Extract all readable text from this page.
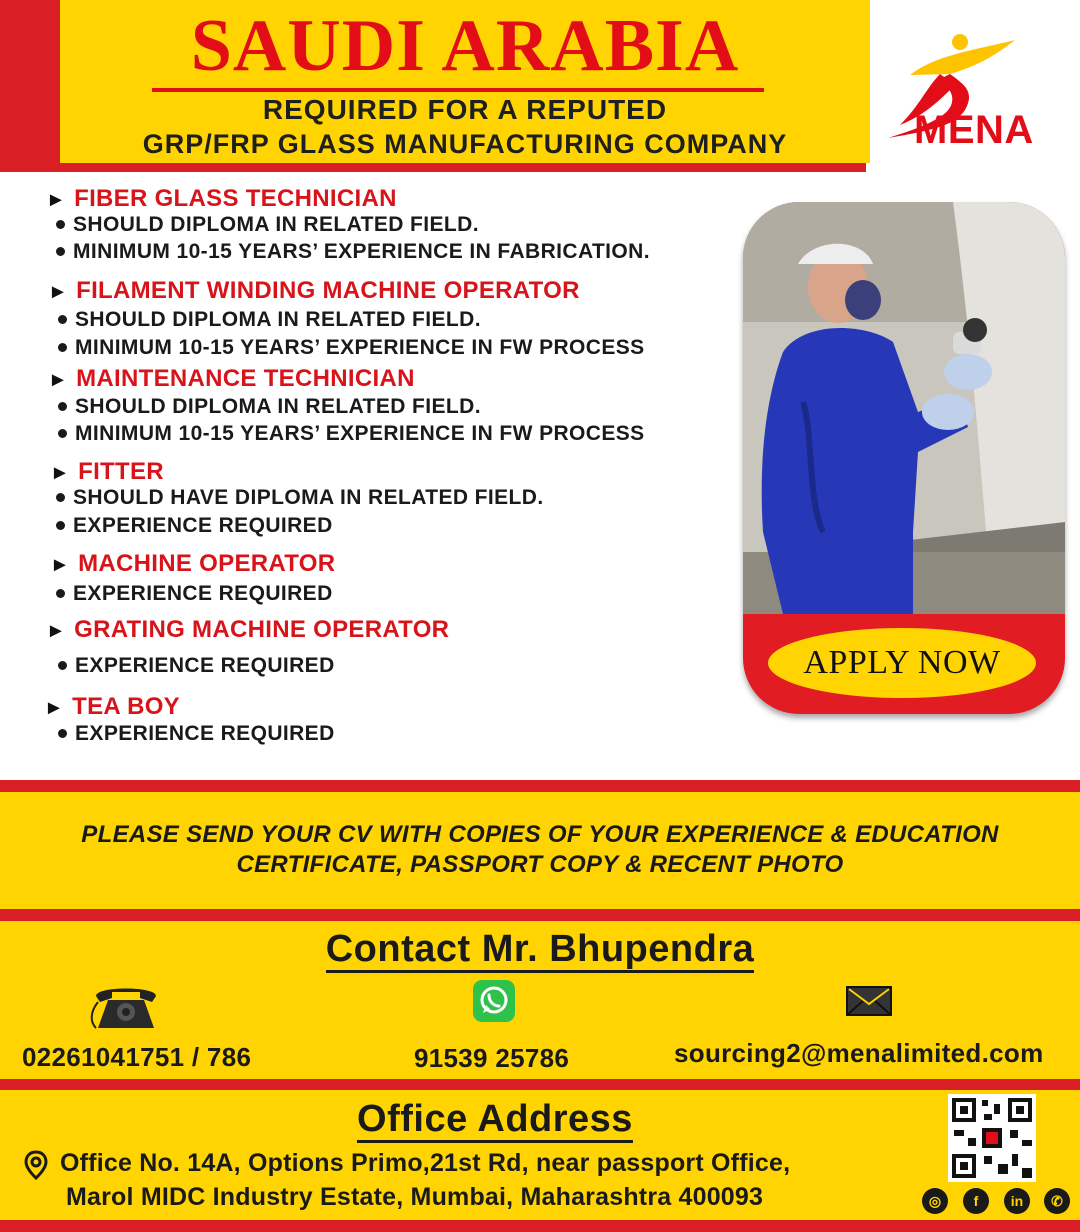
SAUDI ARABIA
REQUIRED FOR A REPUTED
GRP/FRP GLASS MANUFACTURING COMPANY	MENA
► FIBER GLASS TECHNICIAN
SHOULD DIPLOMA IN RELATED FIELD.
MINIMUM 10-15 YEARS’ EXPERIENCE IN FABRICATION.
► FILAMENT WINDING MACHINE OPERATOR
SHOULD DIPLOMA IN RELATED FIELD.
MINIMUM 10-15 YEARS’ EXPERIENCE IN FW PROCESS
► MAINTENANCE TECHNICIAN
SHOULD DIPLOMA IN RELATED FIELD.
MINIMUM 10-15 YEARS’ EXPERIENCE IN FW PROCESS
► FITTER
SHOULD HAVE DIPLOMA IN RELATED FIELD.
EXPERIENCE REQUIRED
► MACHINE OPERATOR
EXPERIENCE REQUIRED
► GRATING MACHINE OPERATOR
EXPERIENCE REQUIRED
► TEA BOY
EXPERIENCE REQUIRED
APPLY NOW
PLEASE SEND YOUR CV WITH COPIES OF YOUR EXPERIENCE & EDUCATION
CERTIFICATE, PASSPORT COPY & RECENT PHOTO
Contact Mr. Bhupendra
02261041751 / 786	91539 25786	sourcing2@menalimited.com
Office Address
Office No. 14A, Options Primo,21st Rd, near passport Office,
Marol MIDC Industry Estate, Mumbai, Maharashtra 400093	◎	f	in	✆
